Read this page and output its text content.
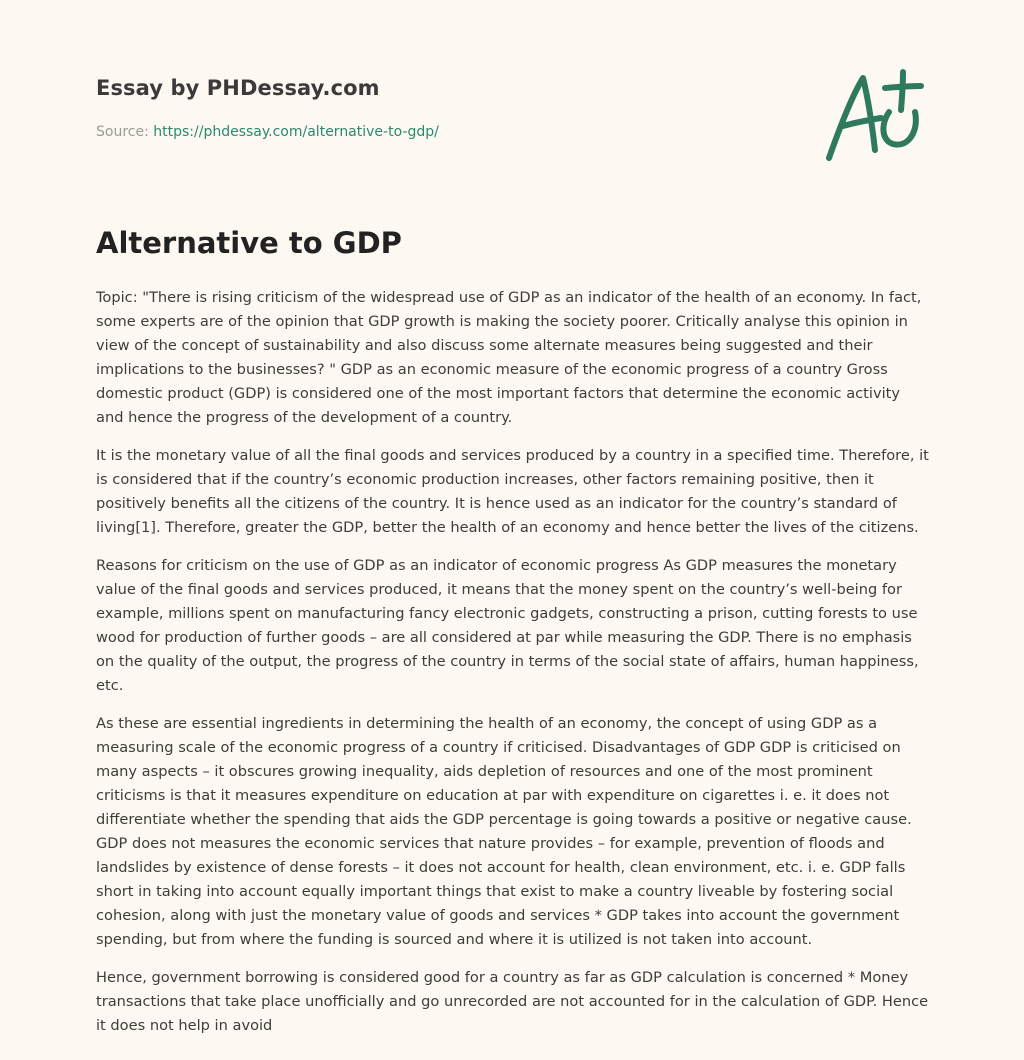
Essay by PHDessay.com
Source: https://phdessay.com/alternative-to-gdp/
Alternative to GDP

Topic: "There is rising criticism of the widespread use of GDP as an indicator of the health of an economy. In fact, some experts are of the opinion that GDP growth is making the society poorer. Critically analyse this opinion in view of the concept of sustainability and also discuss some alternate measures being suggested and their implications to the businesses? " GDP as an economic measure of the economic progress of a country Gross domestic product (GDP) is considered one of the most important factors that determine the economic activity and hence the progress of the development of a country.

It is the monetary value of all the final goods and services produced by a country in a specified time. Therefore, it is considered that if the country’s economic production increases, other factors remaining positive, then it positively benefits all the citizens of the country. It is hence used as an indicator for the country’s standard of living[1]. Therefore, greater the GDP, better the health of an economy and hence better the lives of the citizens.

Reasons for criticism on the use of GDP as an indicator of economic progress As GDP measures the monetary value of the final goods and services produced, it means that the money spent on the country’s well-being for example, millions spent on manufacturing fancy electronic gadgets, constructing a prison, cutting forests to use wood for production of further goods – are all considered at par while measuring the GDP. There is no emphasis on the quality of the output, the progress of the country in terms of the social state of affairs, human happiness, etc.

As these are essential ingredients in determining the health of an economy, the concept of using GDP as a measuring scale of the economic progress of a country if criticised. Disadvantages of GDP GDP is criticised on many aspects – it obscures growing inequality, aids depletion of resources and one of the most prominent criticisms is that it measures expenditure on education at par with expenditure on cigarettes i. e. it does not differentiate whether the spending that aids the GDP percentage is going towards a positive or negative cause. GDP does not measures the economic services that nature provides – for example, prevention of floods and landslides by existence of dense forests – it does not account for health, clean environment, etc. i. e. GDP falls short in taking into account equally important things that exist to make a country liveable by fostering social cohesion, along with just the monetary value of goods and services * GDP takes into account the government spending, but from where the funding is sourced and where it is utilized is not taken into account.

Hence, government borrowing is considered good for a country as far as GDP calculation is concerned * Money transactions that take place unofficially and go unrecorded are not accounted for in the calculation of GDP. Hence it does not help in avoid
